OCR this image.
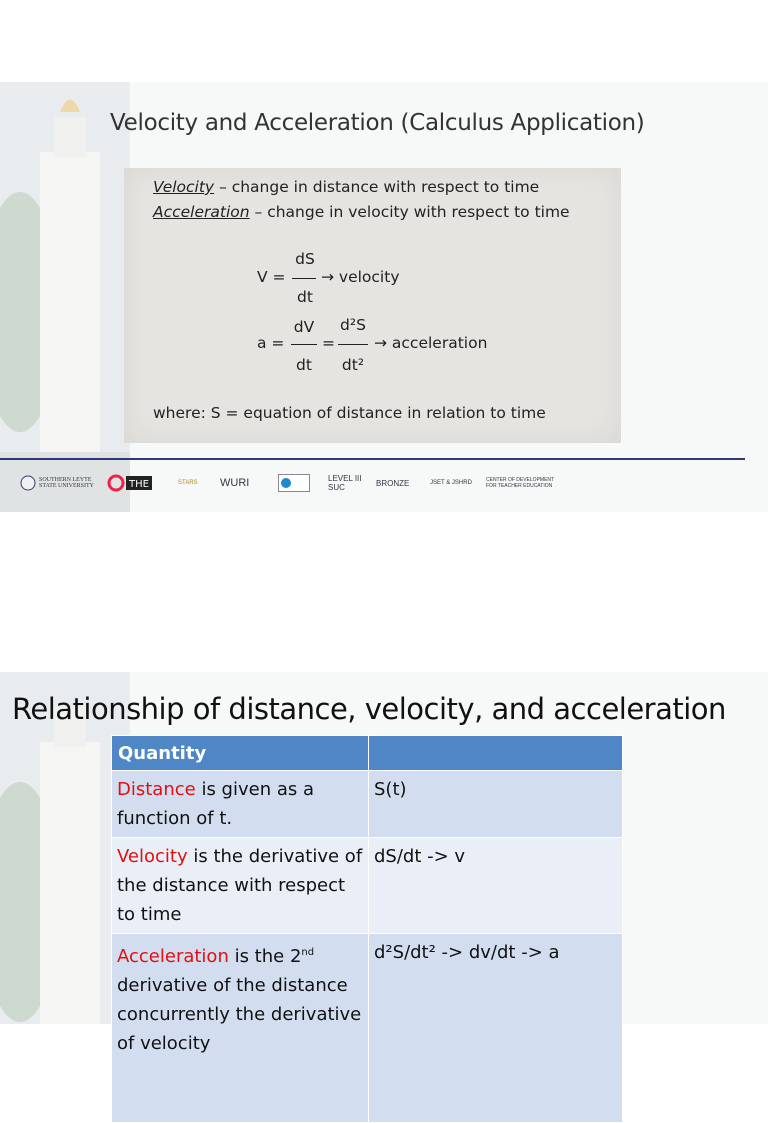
Velocity and Acceleration (Calculus Application)
Velocity – change in distance with respect to time
Acceleration – change in velocity with respect to time
V =
dS
dt
→ velocity
a =
dV
dt
=
d²S
dt²
→ acceleration
where: S = equation of distance in relation to time
SOUTHERN LEYTE STATE UNIVERSITY	THE	STARS WURI	LEVEL III SUC	BRONZE	JSET & JSHRD	CENTER OF DEVELOPMENT FOR TEACHER EDUCATION
Relationship of distance, velocity, and acceleration
Quantity	
Distance is given as a function of t.	S(t)
Velocity is the derivative of the distance with respect to time	dS/dt -> v
Acceleration is the 2nd derivative of the distance concurrently the derivative of velocity	d²S/dt² -> dv/dt -> a
